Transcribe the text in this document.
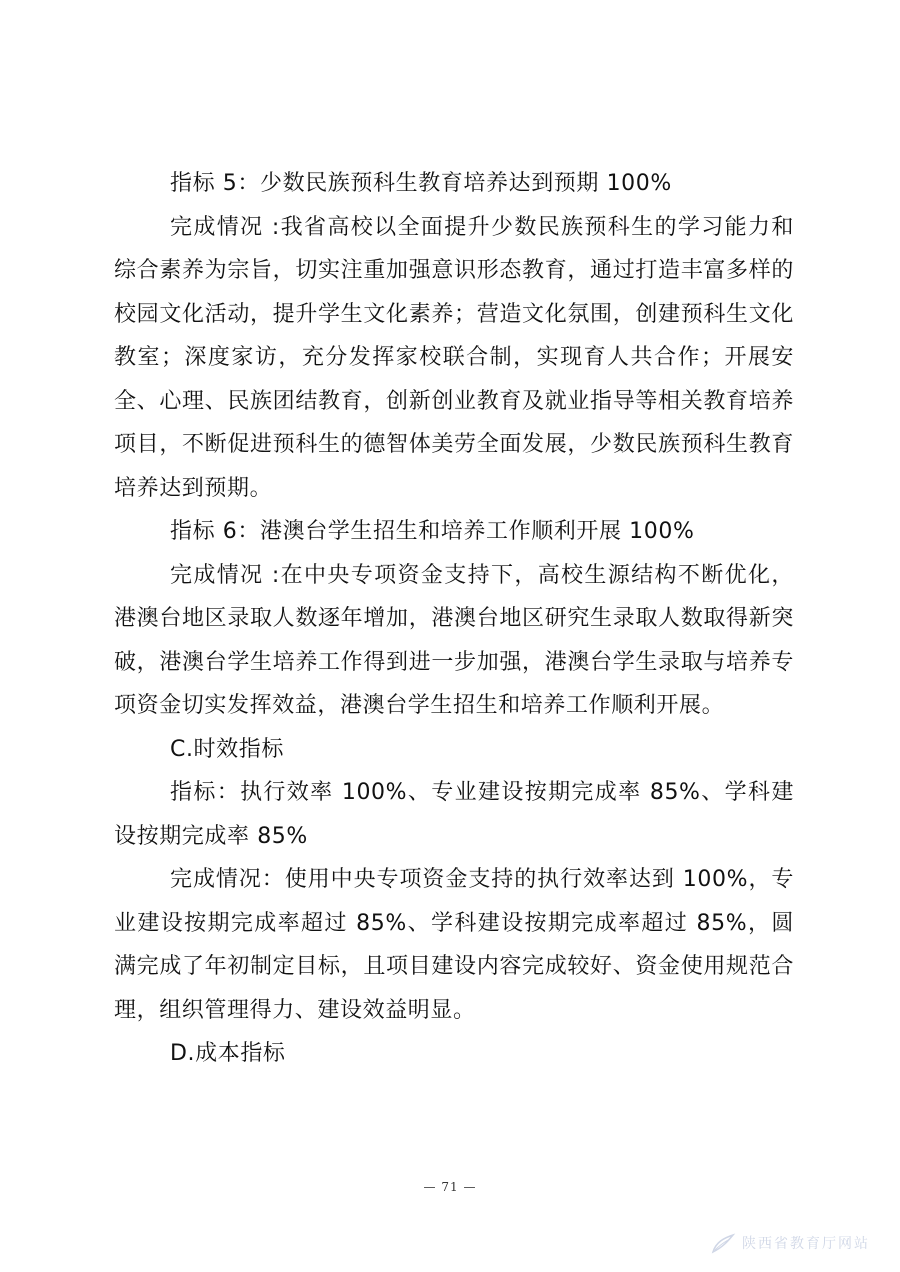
指标 5：少数民族预科生教育培养达到预期 100%

完成情况 :我省高校以全面提升少数民族预科生的学习能力和综合素养为宗旨，切实注重加强意识形态教育，通过打造丰富多样的校园文化活动，提升学生文化素养；营造文化氛围，创建预科生文化教室；深度家访，充分发挥家校联合制，实现育人共合作；开展安全、心理、民族团结教育，创新创业教育及就业指导等相关教育培养项目，不断促进预科生的德智体美劳全面发展，少数民族预科生教育培养达到预期。

指标 6：港澳台学生招生和培养工作顺利开展 100%

完成情况 :在中央专项资金支持下，高校生源结构不断优化，港澳台地区录取人数逐年增加，港澳台地区研究生录取人数取得新突破，港澳台学生培养工作得到进一步加强，港澳台学生录取与培养专项资金切实发挥效益，港澳台学生招生和培养工作顺利开展。

C.时效指标

指标：执行效率 100%、专业建设按期完成率 85%、学科建设按期完成率 85%

完成情况：使用中央专项资金支持的执行效率达到 100%，专业建设按期完成率超过 85%、学科建设按期完成率超过 85%，圆满完成了年初制定目标，且项目建设内容完成较好、资金使用规范合理，组织管理得力、建设效益明显。

D.成本指标

— 71 —
陕西省教育厅网站
